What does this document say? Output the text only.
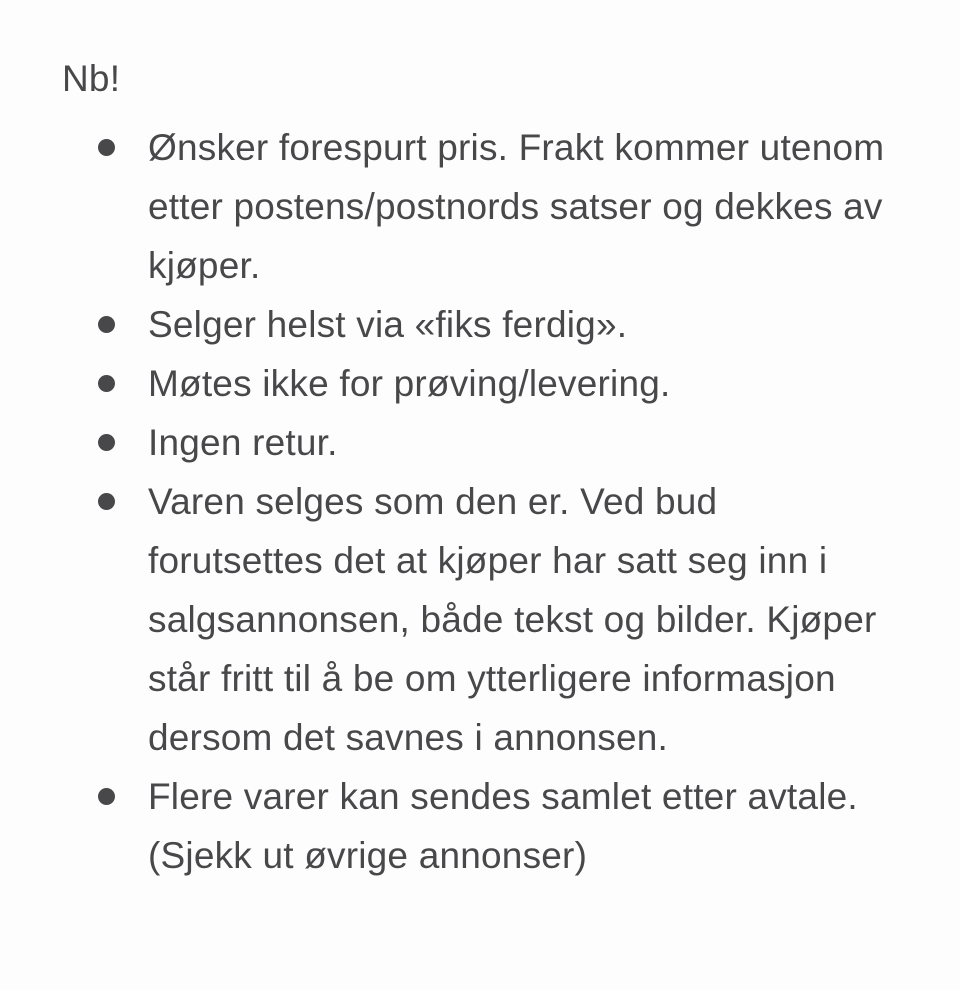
Nb!
Ønsker forespurt pris. Frakt kommer utenom etter postens/postnords satser og dekkes av kjøper.
Selger helst via «fiks ferdig».
Møtes ikke for prøving/levering.
Ingen retur.
Varen selges som den er. Ved bud forutsettes det at kjøper har satt seg inn i salgsannonsen, både tekst og bilder. Kjøper står fritt til å be om ytterligere informasjon dersom det savnes i annonsen.
Flere varer kan sendes samlet etter avtale. (Sjekk ut øvrige annonser)
